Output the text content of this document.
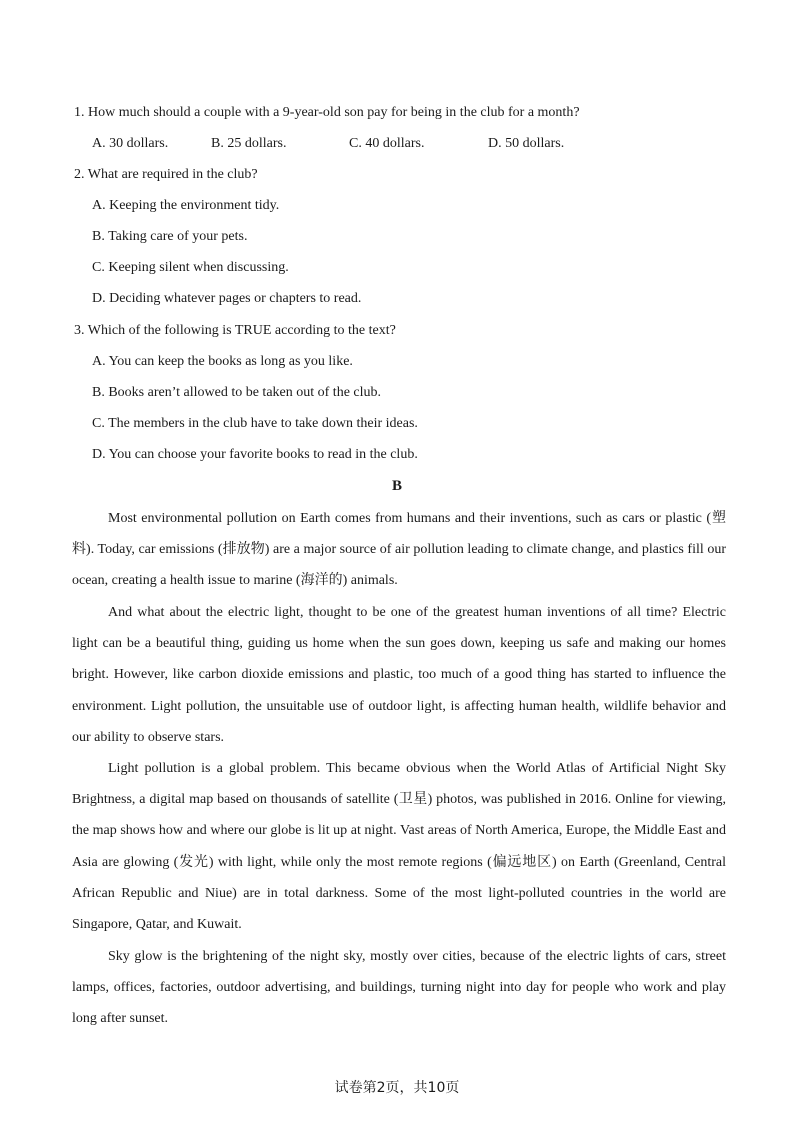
1. How much should a couple with a 9-year-old son pay for being in the club for a month?
A. 30 dollars.	B. 25 dollars.	C. 40 dollars.	D. 50 dollars.
2. What are required in the club?
A. Keeping the environment tidy.
B. Taking care of your pets.
C. Keeping silent when discussing.
D. Deciding whatever pages or chapters to read.
3. Which of the following is TRUE according to the text?
A. You can keep the books as long as you like.
B. Books aren’t allowed to be taken out of the club.
C. The members in the club have to take down their ideas.
D. You can choose your favorite books to read in the club.
B

Most environmental pollution on Earth comes from humans and their inventions, such as cars or plastic (塑料). Today, car emissions (排放物) are a major source of air pollution leading to climate change, and plastics fill our ocean, creating a health issue to marine (海洋的) animals.

And what about the electric light, thought to be one of the greatest human inventions of all time? Electric light can be a beautiful thing, guiding us home when the sun goes down, keeping us safe and making our homes bright. However, like carbon dioxide emissions and plastic, too much of a good thing has started to influence the environment. Light pollution, the unsuitable use of outdoor light, is affecting human health, wildlife behavior and our ability to observe stars.

Light pollution is a global problem. This became obvious when the World Atlas of Artificial Night Sky Brightness, a digital map based on thousands of satellite (卫星) photos, was published in 2016. Online for viewing, the map shows how and where our globe is lit up at night. Vast areas of North America, Europe, the Middle East and Asia are glowing (发光) with light, while only the most remote regions (偏远地区) on Earth (Greenland, Central African Republic and Niue) are in total darkness. Some of the most light-polluted countries in the world are Singapore, Qatar, and Kuwait.

Sky glow is the brightening of the night sky, mostly over cities, because of the electric lights of cars, street lamps, offices, factories, outdoor advertising, and buildings, turning night into day for people who work and play long after sunset.

试卷第2页，共10页
